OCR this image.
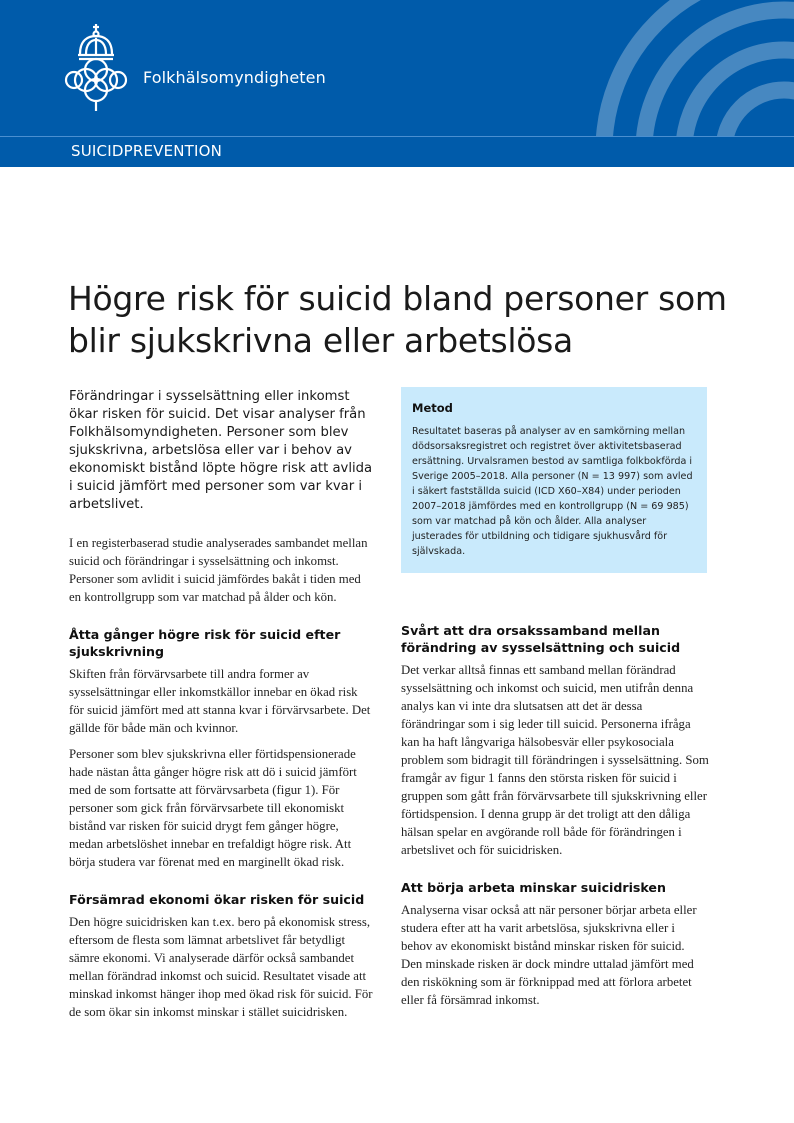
Folkhälsomyndigheten
SUICIDPREVENTION
Högre risk för suicid bland personer som blir sjukskrivna eller arbetslösa

Förändringar i sysselsättning eller inkomst ökar risken för suicid. Det visar analyser från Folkhälsomyndigheten. Personer som blev sjukskrivna, arbetslösa eller var i behov av ekonomiskt bistånd löpte högre risk att avlida i suicid jämfört med personer som var kvar i arbetslivet.

I en registerbaserad studie analyserades sambandet mellan suicid och förändringar i sysselsättning och inkomst. Personer som avlidit i suicid jämfördes bakåt i tiden med en kontrollgrupp som var matchad på ålder och kön.

Åtta gånger högre risk för suicid efter sjukskrivning

Skiften från förvärvsarbete till andra former av sysselsättningar eller inkomstkällor innebar en ökad risk för suicid jämfört med att stanna kvar i förvärvsarbete. Det gällde för både män och kvinnor.

Personer som blev sjukskrivna eller förtidspensionerade hade nästan åtta gånger högre risk att dö i suicid jämfört med de som fortsatte att förvärvsarbeta (figur 1). För personer som gick från förvärvsarbete till ekonomiskt bistånd var risken för suicid drygt fem gånger högre, medan arbetslöshet innebar en trefaldigt högre risk. Att börja studera var förenat med en marginellt ökad risk.

Försämrad ekonomi ökar risken för suicid

Den högre suicidrisken kan t.ex. bero på ekonomisk stress, eftersom de flesta som lämnat arbetslivet får betydligt sämre ekonomi. Vi analyserade därför också sambandet mellan förändrad inkomst och suicid. Resultatet visade att minskad inkomst hänger ihop med ökad risk för suicid. För de som ökar sin inkomst minskar i stället suicidrisken.

Metod

Resultatet baseras på analyser av en samkörning mellan dödsorsaksregistret och registret över aktivitetsbaserad ersättning. Urvalsramen bestod av samtliga folkbokförda i Sverige 2005–2018. Alla personer (N = 13 997) som avled i säkert fastställda suicid (ICD X60–X84) under perioden 2007–2018 jämfördes med en kontrollgrupp (N = 69 985) som var matchad på kön och ålder. Alla analyser justerades för utbildning och tidigare sjukhusvård för självskada.

Svårt att dra orsakssamband mellan förändring av sysselsättning och suicid

Det verkar alltså finnas ett samband mellan förändrad sysselsättning och inkomst och suicid, men utifrån denna analys kan vi inte dra slutsatsen att det är dessa förändringar som i sig leder till suicid. Personerna ifråga kan ha haft långvariga hälsobesvär eller psykosociala problem som bidragit till förändringen i sysselsättning. Som framgår av figur 1 fanns den största risken för suicid i gruppen som gått från förvärvsarbete till sjukskrivning eller förtidspension. I denna grupp är det troligt att den dåliga hälsan spelar en avgörande roll både för förändringen i arbetslivet och för suicidrisken.

Att börja arbeta minskar suicidrisken

Analyserna visar också att när personer börjar arbeta eller studera efter att ha varit arbetslösa, sjukskrivna eller i behov av ekonomiskt bistånd minskar risken för suicid. Den minskade risken är dock mindre uttalad jämfört med den riskökning som är förknippad med att förlora arbetet eller få försämrad inkomst.
